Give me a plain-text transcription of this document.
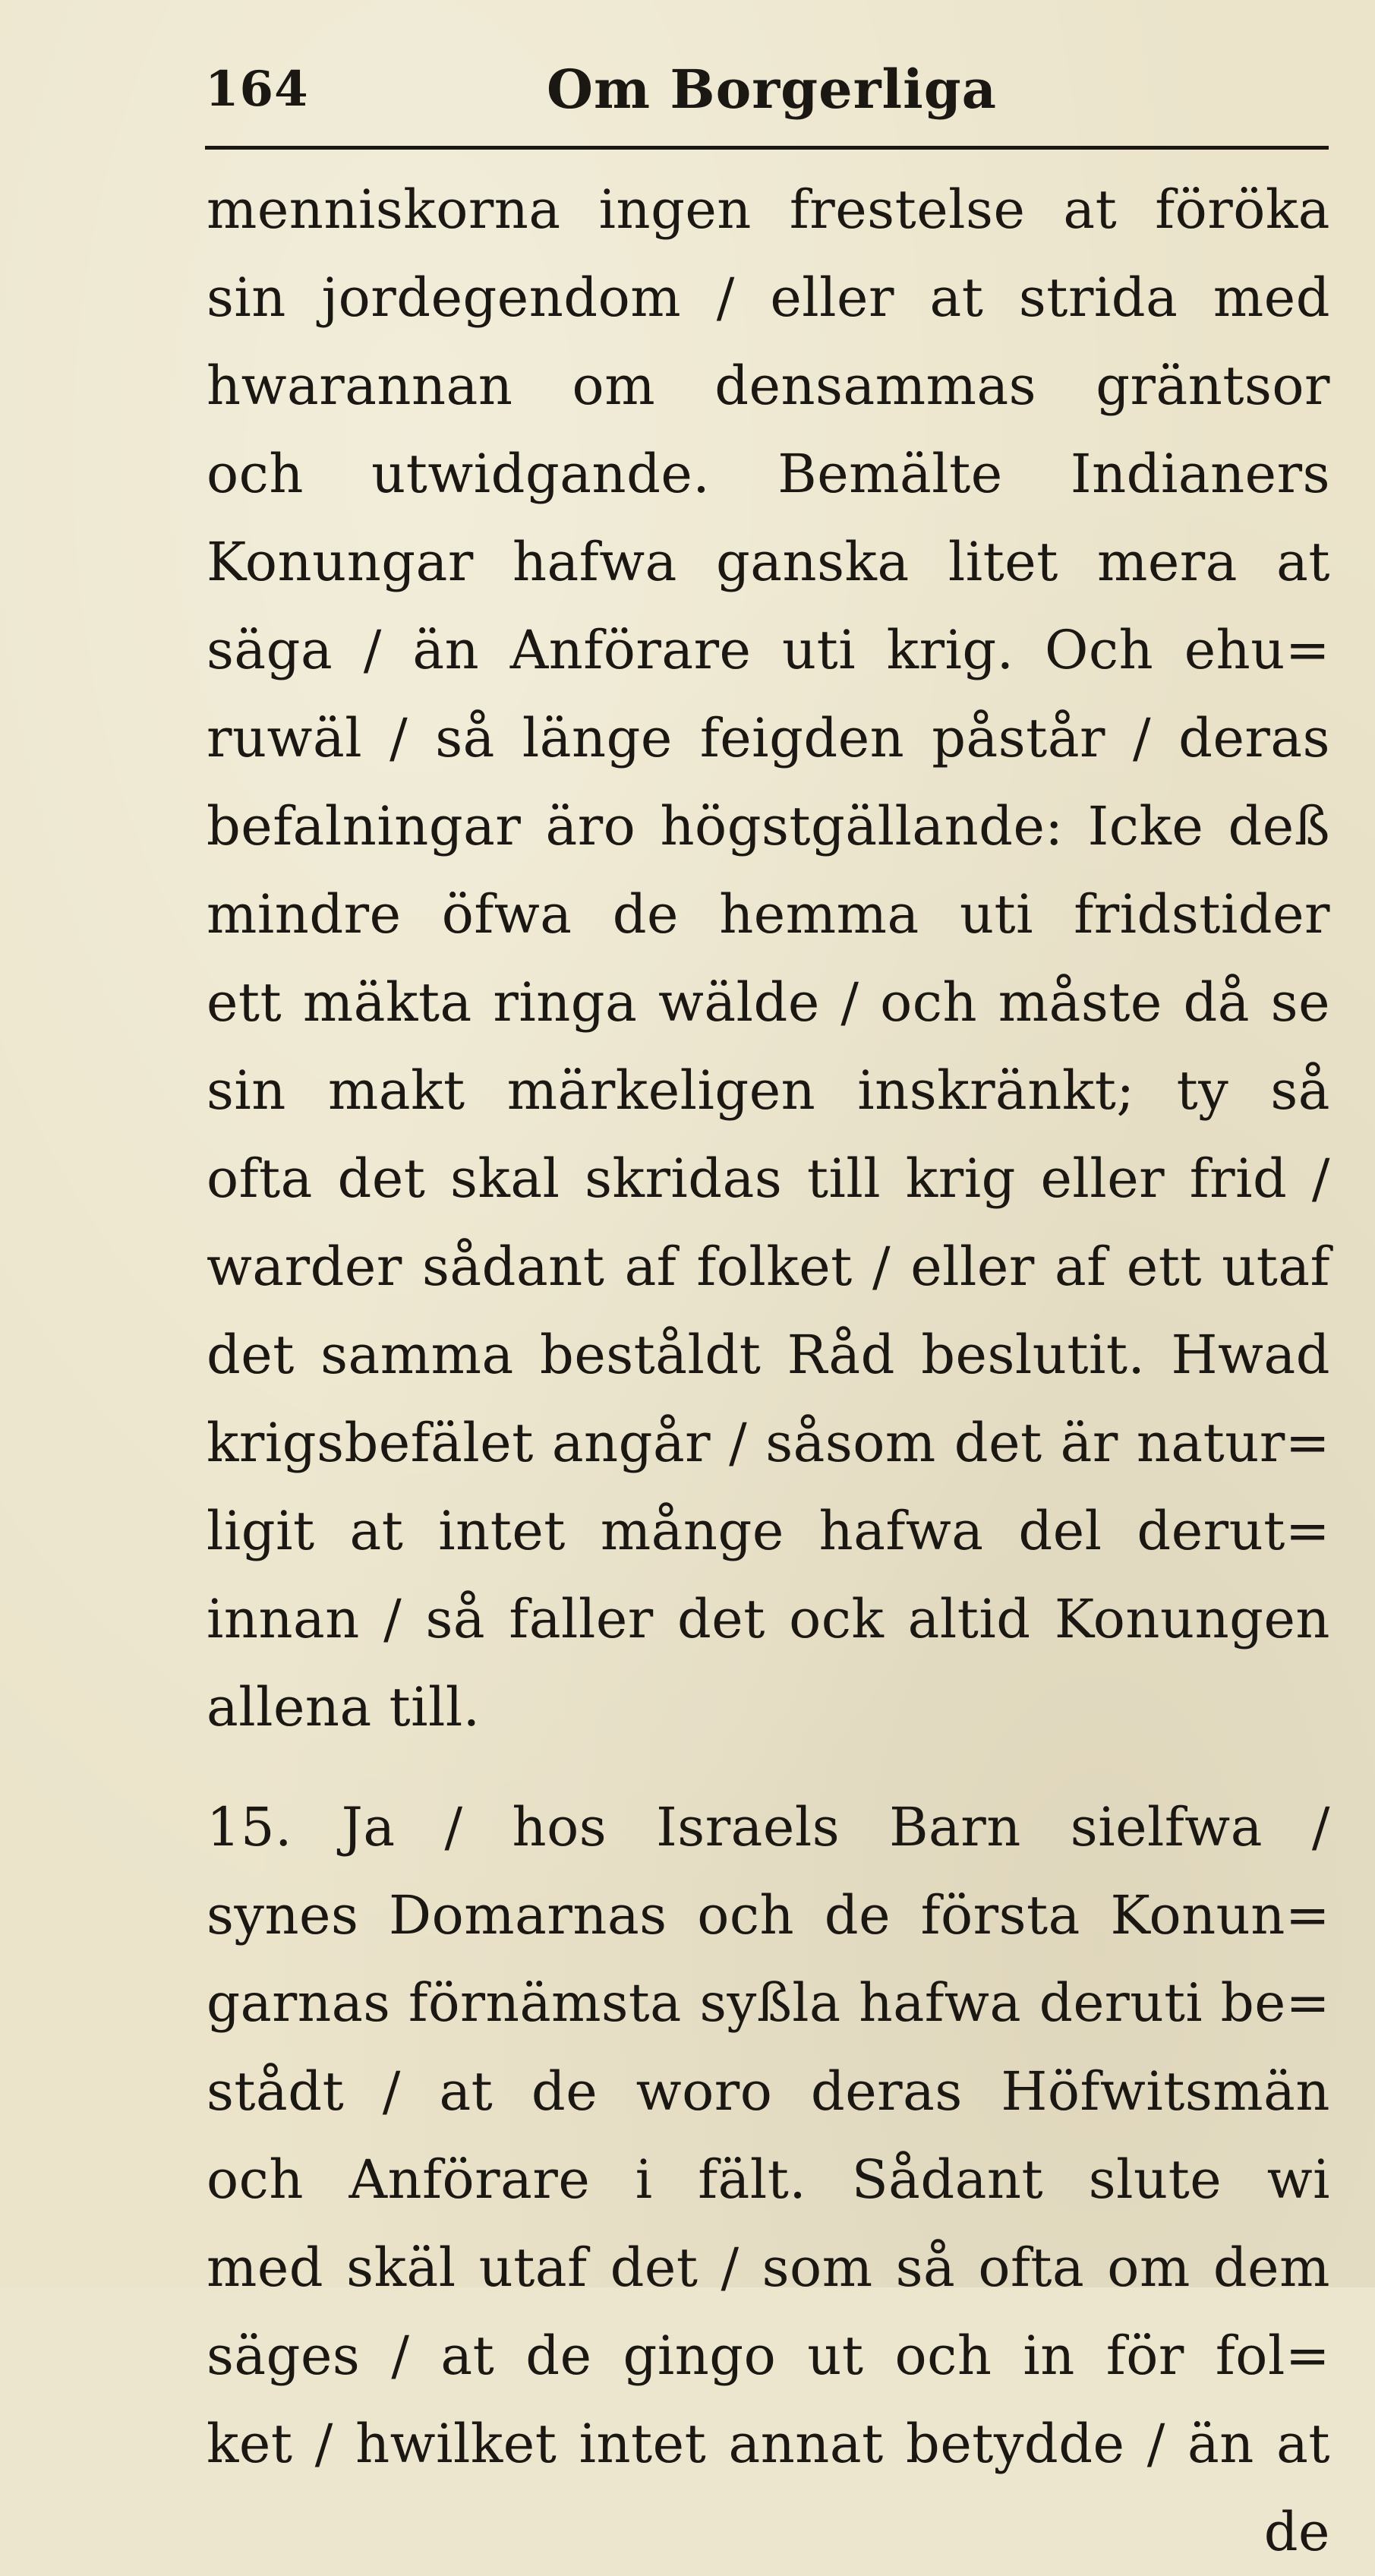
164	Om Borgerliga
menniskorna ingen frestelse at föröka
sin jordegendom / eller at strida med
hwarannan om densammas gräntsor
och utwidgande. Bemälte Indianers
Konungar hafwa ganska litet mera at
säga / än Anförare uti krig. Och ehu=
ruwäl / så länge feigden påstår / deras
befalningar äro högstgällande: Icke deß
mindre öfwa de hemma uti fridstider
ett mäkta ringa wälde / och måste då se
sin makt märkeligen inskränkt; ty så
ofta det skal skridas till krig eller frid /
warder sådant af folket / eller af ett utaf
det samma beståldt Råd beslutit. Hwad
krigsbefälet angår / såsom det är natur=
ligit at intet månge hafwa del derut=
innan / så faller det ock altid Konungen
allena till.
15. Ja / hos Israels Barn sielfwa /
synes Domarnas och de första Konun=
garnas förnämsta syßla hafwa deruti be=
stådt / at de woro deras Höfwitsmän
och Anförare i fält. Sådant slute wi
med skäl utaf det / som så ofta om dem
säges / at de gingo ut och in för fol=
ket / hwilket intet annat betydde / än at
de
